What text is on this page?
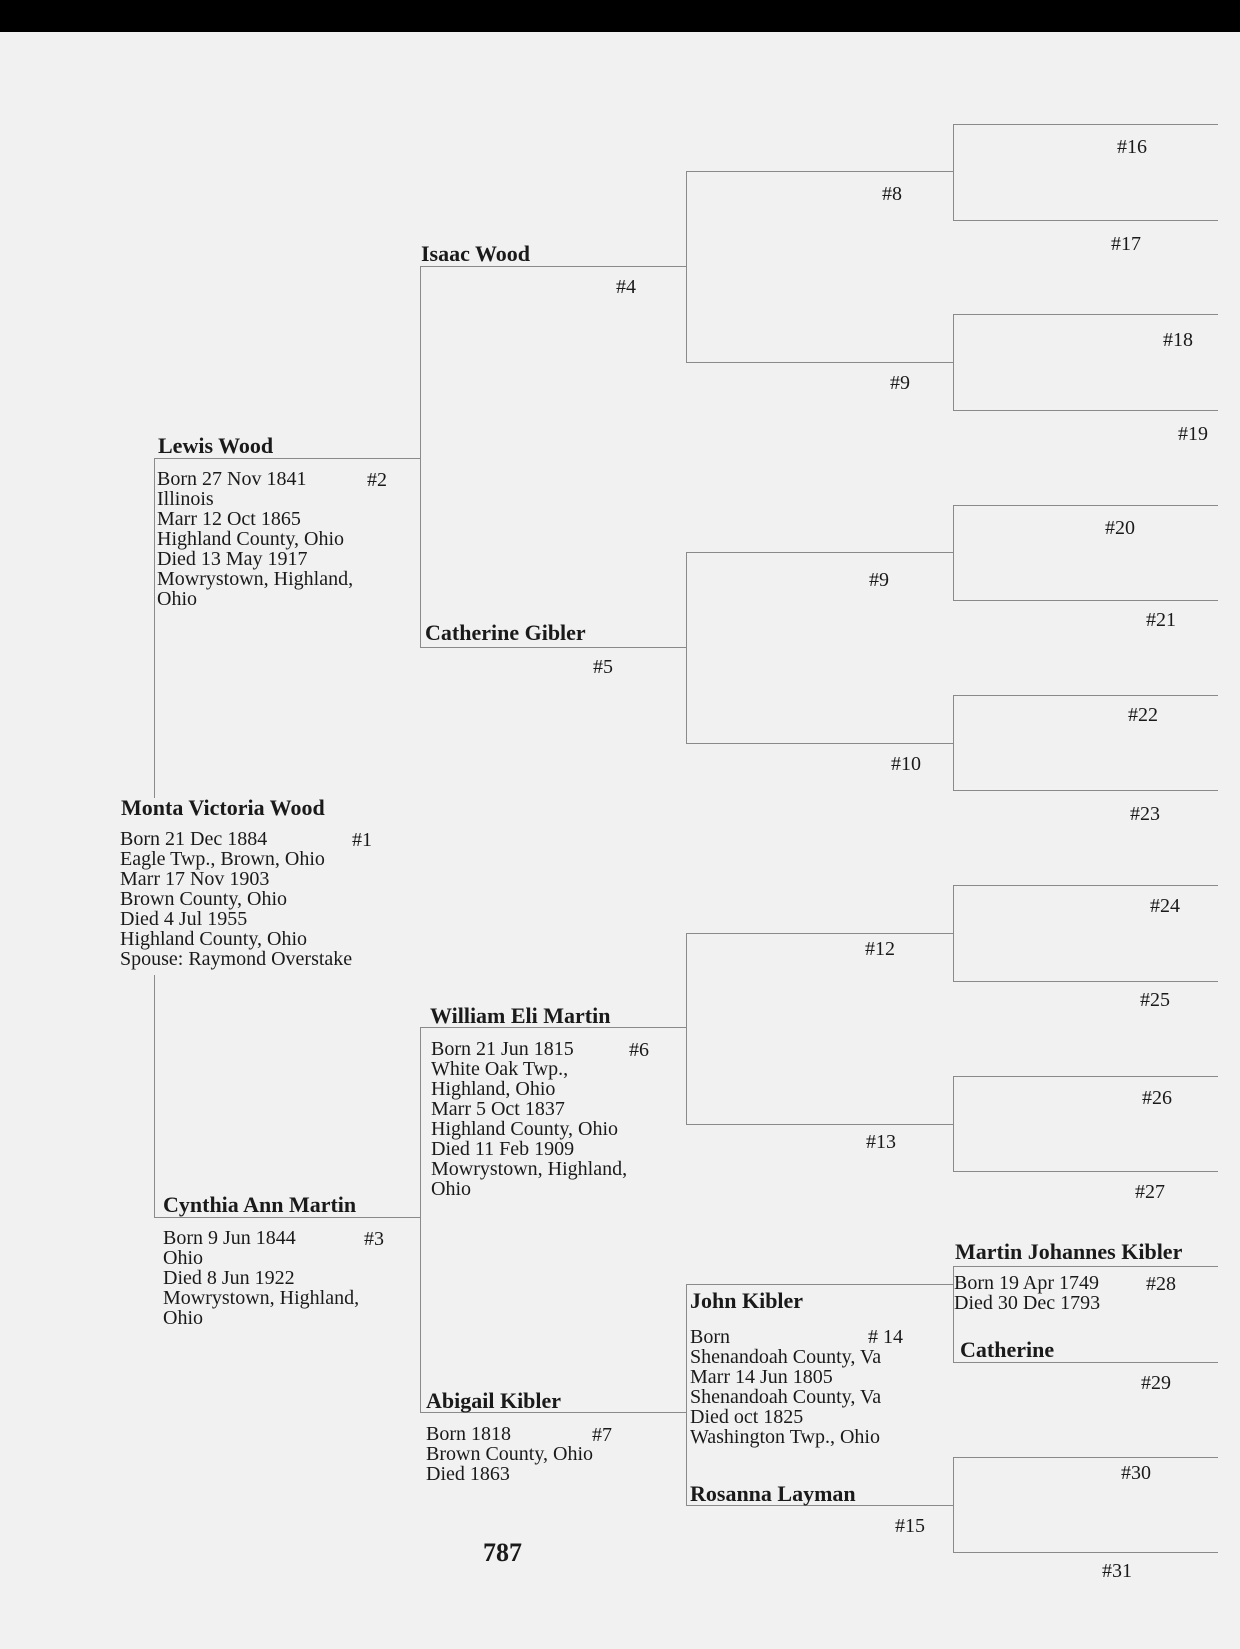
Monta Victoria Wood
Born 21 Dec 1884
Eagle Twp., Brown, Ohio
Marr 17 Nov 1903
Brown County, Ohio
Died 4 Jul 1955
Highland County, Ohio
Spouse: Raymond Overstake
#1
Lewis Wood
Born 27 Nov 1841
Illinois
Marr 12 Oct 1865
Highland County, Ohio
Died 13 May 1917
Mowrystown, Highland,
Ohio
#2
Cynthia Ann Martin
Born 9 Jun 1844
Ohio
Died 8 Jun 1922
Mowrystown, Highland,
Ohio
#3
Isaac Wood
#4
Catherine Gibler
#5
William Eli Martin
Born 21 Jun 1815
White Oak Twp.,
Highland, Ohio
Marr 5 Oct 1837
Highland County, Ohio
Died 11 Feb 1909
Mowrystown, Highland,
Ohio
#6
Abigail Kibler
Born 1818
Brown County, Ohio
Died 1863
#7
John Kibler
Born
Shenandoah County, Va
Marr 14 Jun 1805
Shenandoah County, Va
Died oct 1825
Washington Twp., Ohio
# 14
Rosanna Layman
#15
Martin Johannes Kibler
Born 19 Apr 1749
Died 30 Dec 1793
#28
Catherine
#29
#8
#9
#9
#10
#12
#13
#16
#17
#18
#19
#20
#21
#22
#23
#24
#25
#26
#27
#30
#31
787
